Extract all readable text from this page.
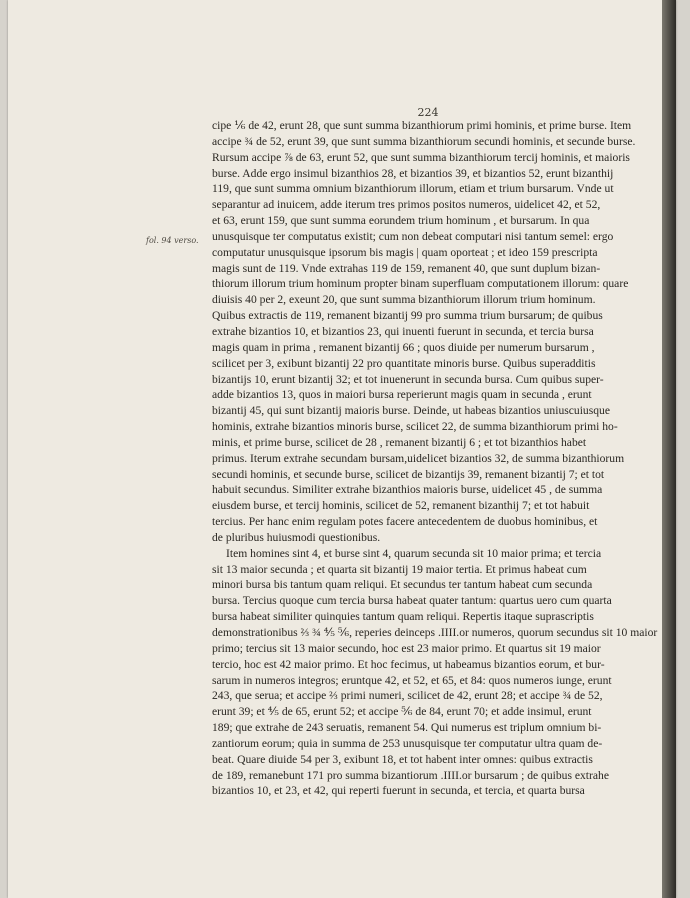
224
fol. 94 verso.
cipe ⅙ de 42, erunt 28, que sunt summa bizanthiorum primi hominis, et prime burse. Item
accipe ¾ de 52, erunt 39, que sunt summa bizanthiorum secundi hominis, et secunde burse.
Rursum accipe ⅞ de 63, erunt 52, que sunt summa bizanthiorum tercij hominis, et maioris
burse. Adde ergo insimul bizanthios 28, et bizantios 39, et bizantios 52, erunt bizanthij
119, que sunt summa omnium bizanthiorum illorum, etiam et trium bursarum. Vnde ut
separantur ad inuicem, adde iterum tres primos positos numeros, uidelicet 42, et 52,
et 63, erunt 159, que sunt summa eorundem trium hominum , et bursarum. In qua
unusquisque ter computatus existit; cum non debeat computari nisi tantum semel: ergo
computatur unusquisque ipsorum bis magis | quam oporteat ; et ideo 159 prescripta
magis sunt de 119. Vnde extrahas 119 de 159, remanent 40, que sunt duplum bizan-
thiorum illorum trium hominum propter binam superfluam computationem illorum: quare
diuisis 40 per 2, exeunt 20, que sunt summa bizanthiorum illorum trium hominum.
Quibus extractis de 119, remanent bizantij 99 pro summa trium bursarum; de quibus
extrahe bizantios 10, et bizantios 23, qui inuenti fuerunt in secunda, et tercia bursa
magis quam in prima , remanent bizantij 66 ; quos diuide per numerum bursarum ,
scilicet per 3, exibunt bizantij 22 pro quantitate minoris burse. Quibus superadditis
bizantijs 10, erunt bizantij 32; et tot inuenerunt in secunda bursa. Cum quibus super-
adde bizantios 13, quos in maiori bursa reperierunt magis quam in secunda , erunt
bizantij 45, qui sunt bizantij maioris burse. Deinde, ut habeas bizantios uniuscuiusque
hominis, extrahe bizantios minoris burse, scilicet 22, de summa bizanthiorum primi ho-
minis, et prime burse, scilicet de 28 , remanent bizantij 6 ; et tot bizanthios habet
primus. Iterum extrahe secundam bursam,uidelicet bizantios 32, de summa bizanthiorum
secundi hominis, et secunde burse, scilicet de bizantijs 39, remanent bizantij 7; et tot
habuit secundus. Similiter extrahe bizanthios maioris burse, uidelicet 45 , de summa
eiusdem burse, et tercij hominis, scilicet de 52, remanent bizanthij 7; et tot habuit
tercius. Per hanc enim regulam potes facere antecedentem de duobus hominibus, et
de pluribus huiusmodi questionibus.
Item homines sint 4, et burse sint 4, quarum secunda sit 10 maior prima; et tercia
sit 13 maior secunda ; et quarta sit bizantij 19 maior tertia. Et primus habeat cum
minori bursa bis tantum quam reliqui. Et secundus ter tantum habeat cum secunda
bursa. Tercius quoque cum tercia bursa habeat quater tantum: quartus uero cum quarta
bursa habeat similiter quinquies tantum quam reliqui. Repertis itaque suprascriptis
demonstrationibus ⅔ ¾ ⅘ ⅚, reperies deinceps .IIII.or numeros, quorum secundus sit 10 maior
primo; tercius sit 13 maior secundo, hoc est 23 maior primo. Et quartus sit 19 maior
tercio, hoc est 42 maior primo. Et hoc fecimus, ut habeamus bizantios eorum, et bur-
sarum in numeros integros; eruntque 42, et 52, et 65, et 84: quos numeros iunge, erunt
243, que serua; et accipe ⅔ primi numeri, scilicet de 42, erunt 28; et accipe ¾ de 52,
erunt 39; et ⅘ de 65, erunt 52; et accipe ⅚ de 84, erunt 70; et adde insimul, erunt
189; que extrahe de 243 seruatis, remanent 54. Qui numerus est triplum omnium bi-
zantiorum eorum; quia in summa de 253 unusquisque ter computatur ultra quam de-
beat. Quare diuide 54 per 3, exibunt 18, et tot habent inter omnes: quibus extractis
de 189, remanebunt 171 pro summa bizantiorum .IIII.or bursarum ; de quibus extrahe
bizantios 10, et 23, et 42, qui reperti fuerunt in secunda, et tercia, et quarta bursa
